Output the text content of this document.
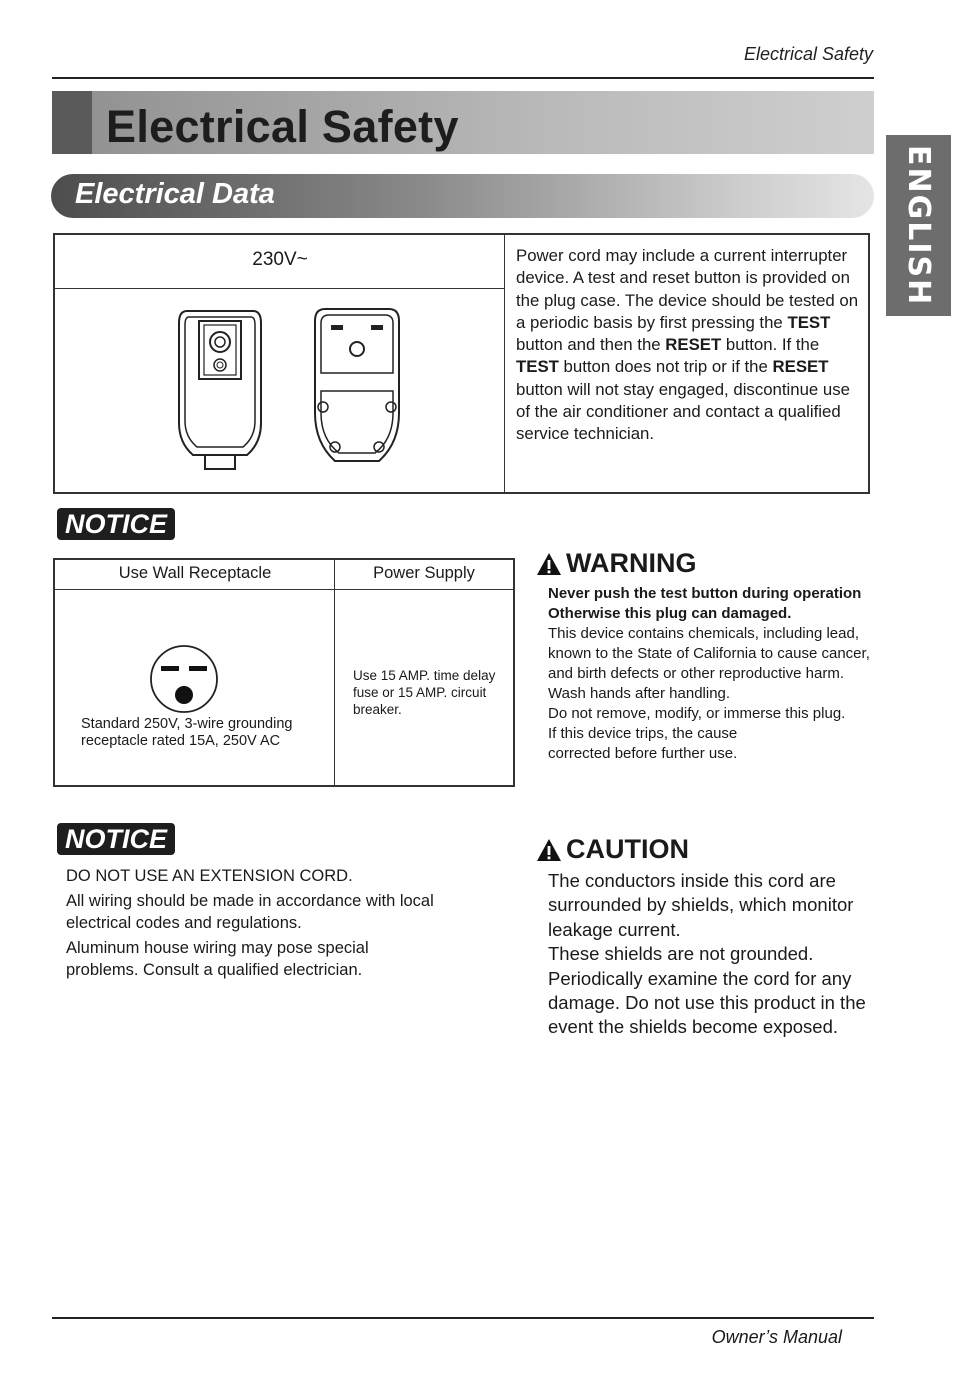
Electrical Safety
Electrical Safety
ENGLISH
Electrical Data
230V~	Power cord may include a current interrupter device. A test and reset button is provided on the plug case. The device should be tested on a periodic basis by first pressing the TEST button and then the RESET button. If the TEST button does not trip or if the RESET button will not stay engaged, discontinue use of the air conditioner and contact a qualified service technician.
NOTICE
Use Wall Receptacle	Power Supply
Standard 250V, 3-wire grounding receptacle rated 15A, 250V AC
Use 15 AMP. time delay fuse or 15 AMP. circuit breaker.
WARNING
Never push the test button during operation
Otherwise this plug can damaged.
This device contains chemicals, including lead, known to the State of California to cause cancer, and birth defects or other reproductive harm.
Wash hands after handling.
Do not remove, modify, or immerse this plug.
If this device trips, the cause corrected before further use.
NOTICE

DO NOT USE AN EXTENSION CORD.

All wiring should be made in accordance with local electrical codes and regulations.

Aluminum house wiring may pose special problems. Consult a qualified electrician.

CAUTION
The conductors inside this cord are surrounded by shields, which monitor leakage current.
These shields are not grounded. Periodically examine the cord for any damage. Do not use this product in the event the shields become exposed.
Owner’s Manual
